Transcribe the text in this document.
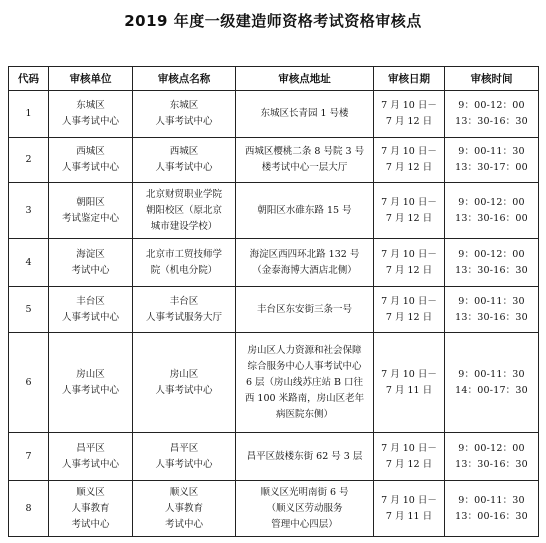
2019 年度一级建造师资格考试资格审核点
代码	审核单位	审核点名称	审核点地址	审核日期	审核时间
1	东城区
人事考试中心	东城区
人事考试中心	东城区长青园 1 号楼	7 月 10 日－
7 月 12 日	9：00-12：00
13：30-16：30

2	西城区
人事考试中心	西城区
人事考试中心	西城区樱桃二条 8 号院 3 号
楼考试中心一层大厅	7 月 10 日－
7 月 12 日	9：00-11：30
13：30-17：00

3	朝阳区
考试鉴定中心	北京财贸职业学院
朝阳校区（原北京
城市建设学校）	朝阳区水碓东路 15 号	7 月 10 日－
7 月 12 日	9：00-12：00
13：30-16：00

4	海淀区
考试中心	北京市工贸技师学
院（机电分院）	海淀区西四环北路 132 号
（金泰海博大酒店北侧）	7 月 10 日－
7 月 12 日	9：00-12：00
13：30-16：30

5	丰台区
人事考试中心	丰台区
人事考试服务大厅	丰台区东安街三条一号	7 月 10 日－
7 月 12 日	9：00-11：30
13：30-16：30

6	房山区
人事考试中心	房山区
人事考试中心	房山区人力资源和社会保障
综合服务中心人事考试中心
6 层（房山线苏庄站 B 口往
西 100 米路南，房山区老年
病医院东侧）	7 月 10 日－
7 月 11 日	9：00-11：30
14：00-17：30

7	昌平区
人事考试中心	昌平区
人事考试中心	昌平区鼓楼东街 62 号 3 层	7 月 10 日－
7 月 12 日	9：00-12：00
13：30-16：30

8	顺义区
人事教育
考试中心	顺义区
人事教育
考试中心	顺义区光明南街 6 号
（顺义区劳动服务
管理中心四层）	7 月 10 日－
7 月 11 日	9：00-11：30
13：00-16：30
